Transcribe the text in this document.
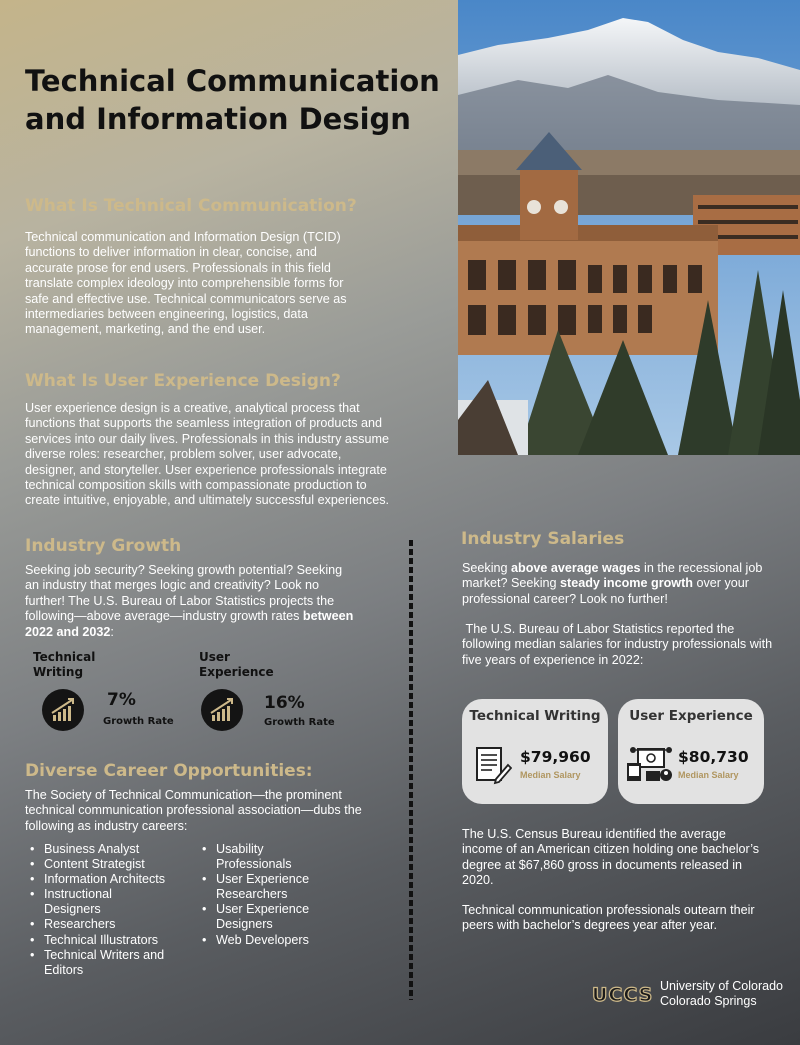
Technical Communication and Information Design
What Is Technical Communication?

Technical communication and Information Design (TCID) functions to deliver information in clear, concise, and accurate prose for end users. Professionals in this field translate complex ideology into comprehensible forms for safe and effective use. Technical communicators serve as intermediaries between engineering, logistics, data management, marketing, and the end user.

What Is User Experience Design?

User experience design is a creative, analytical process that functions that supports the seamless integration of products and services into our daily lives. Professionals in this industry assume diverse roles: researcher, problem solver, user advocate, designer, and storyteller. User experience professionals integrate technical composition skills with compassionate production to create intuitive, enjoyable, and ultimately successful experiences.

Industry Growth

Seeking job security? Seeking growth potential? Seeking an industry that merges logic and creativity? Look no further! The U.S. Bureau of Labor Statistics projects the following—above average—industry growth rates between 2022 and 2032:

Technical
Writing
7%
Growth Rate
User
Experience
16%
Growth Rate
Diverse Career Opportunities:

The Society of Technical Communication—the prominent technical communication professional association—dubs the following as industry careers:

• Business Analyst
• Content Strategist
• Information Architects
• Instructional Designers
• Researchers
• Technical Illustrators
• Technical Writers and Editors
• Usability Professionals
• User Experience Researchers
• User Experience Designers
• Web Developers
Industry Salaries

Seeking above average wages in the recessional job market? Seeking steady income growth over your professional career? Look no further!

The U.S. Bureau of Labor Statistics reported the following median salaries for industry professionals with five years of experience in 2022:

Technical Writing
$79,960
Median Salary
User Experience
$80,730
Median Salary

The U.S. Census Bureau identified the average income of an American citizen holding one bachelor’s degree at $67,860 gross in documents released in 2020.

Technical communication professionals outearn their peers with bachelor’s degrees year after year.

UCCS University of Colorado
Colorado Springs
